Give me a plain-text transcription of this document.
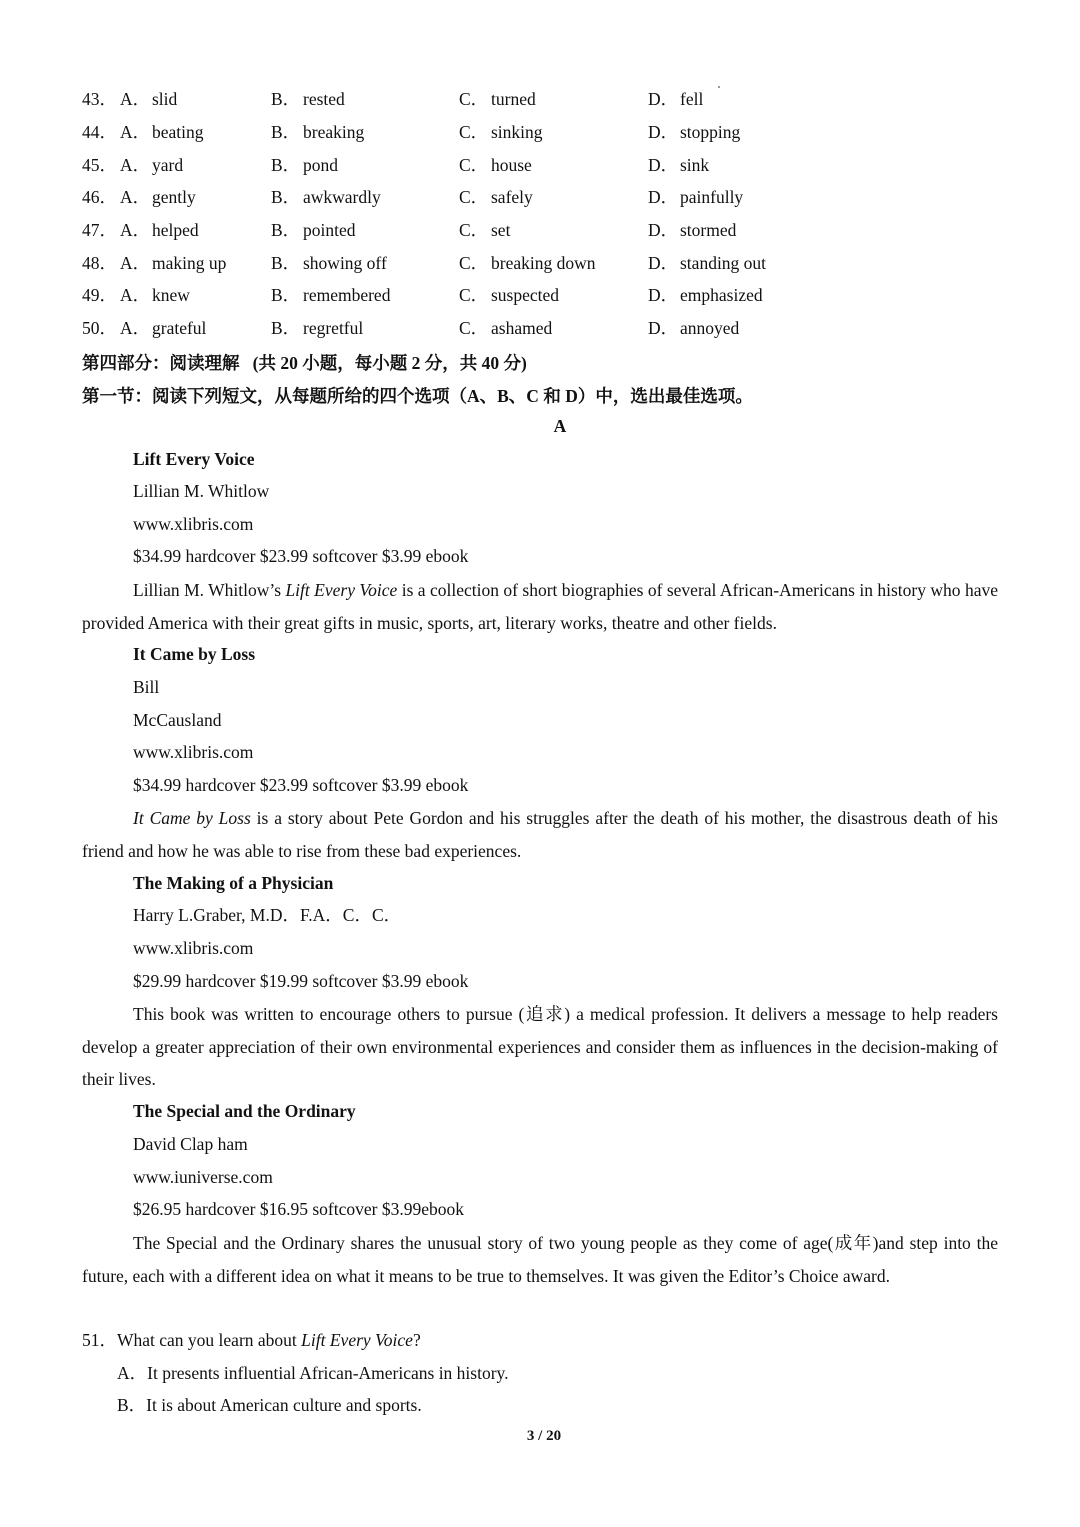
43． A． slid	B． rested	C． turned	D． fell
44． A． beating	B． breaking	C． sinking	D． stopping
45． A． yard	B． pond	C． house	D． sink
46． A． gently	B． awkwardly	C． safely	D． painfully
47． A． helped	B． pointed	C． set	D． stormed
48． A． making up	B． showing off	C． breaking down	D． standing out
49． A． knew	B． remembered	C． suspected	D． emphasized
50． A． grateful	B． regretful	C． ashamed	D． annoyed
第四部分：阅读理解 (共 20 小题，每小题 2 分，共 40 分)
第一节：阅读下列短文，从每题所给的四个选项（A、B、C 和 D）中，选出最佳选项。
A
Lift Every Voice
Lillian M. Whitlow
www.xlibris.com
$34.99 hardcover $23.99 softcover $3.99 ebook
Lillian M. Whitlow’s Lift Every Voice is a collection of short biographies of several African-Americans in history who have provided America with their great gifts in music, sports, art, literary works, theatre and other fields.
It Came by Loss
Bill
McCausland
www.xlibris.com
$34.99 hardcover $23.99 softcover $3.99 ebook
It Came by Loss is a story about Pete Gordon and his struggles after the death of his mother, the disastrous death of his friend and how he was able to rise from these bad experiences.
The Making of a Physician
Harry L.Graber, M.D．F.A．C．C．
www.xlibris.com
$29.99 hardcover $19.99 softcover $3.99 ebook
This book was written to encourage others to pursue (追求) a medical profession. It delivers a message to help readers develop a greater appreciation of their own environmental experiences and consider them as influences in the decision-making of their lives.
The Special and the Ordinary
David Clap ham
www.iuniverse.com
$26.95 hardcover $16.95 softcover $3.99ebook
The Special and the Ordinary shares the unusual story of two young people as they come of age(成年)and step into the future, each with a different idea on what it means to be true to themselves. It was given the Editor’s Choice award.
51．What can you learn about Lift Every Voice?
A．It presents influential African-Americans in history.
B．It is about American culture and sports.
3 / 20
